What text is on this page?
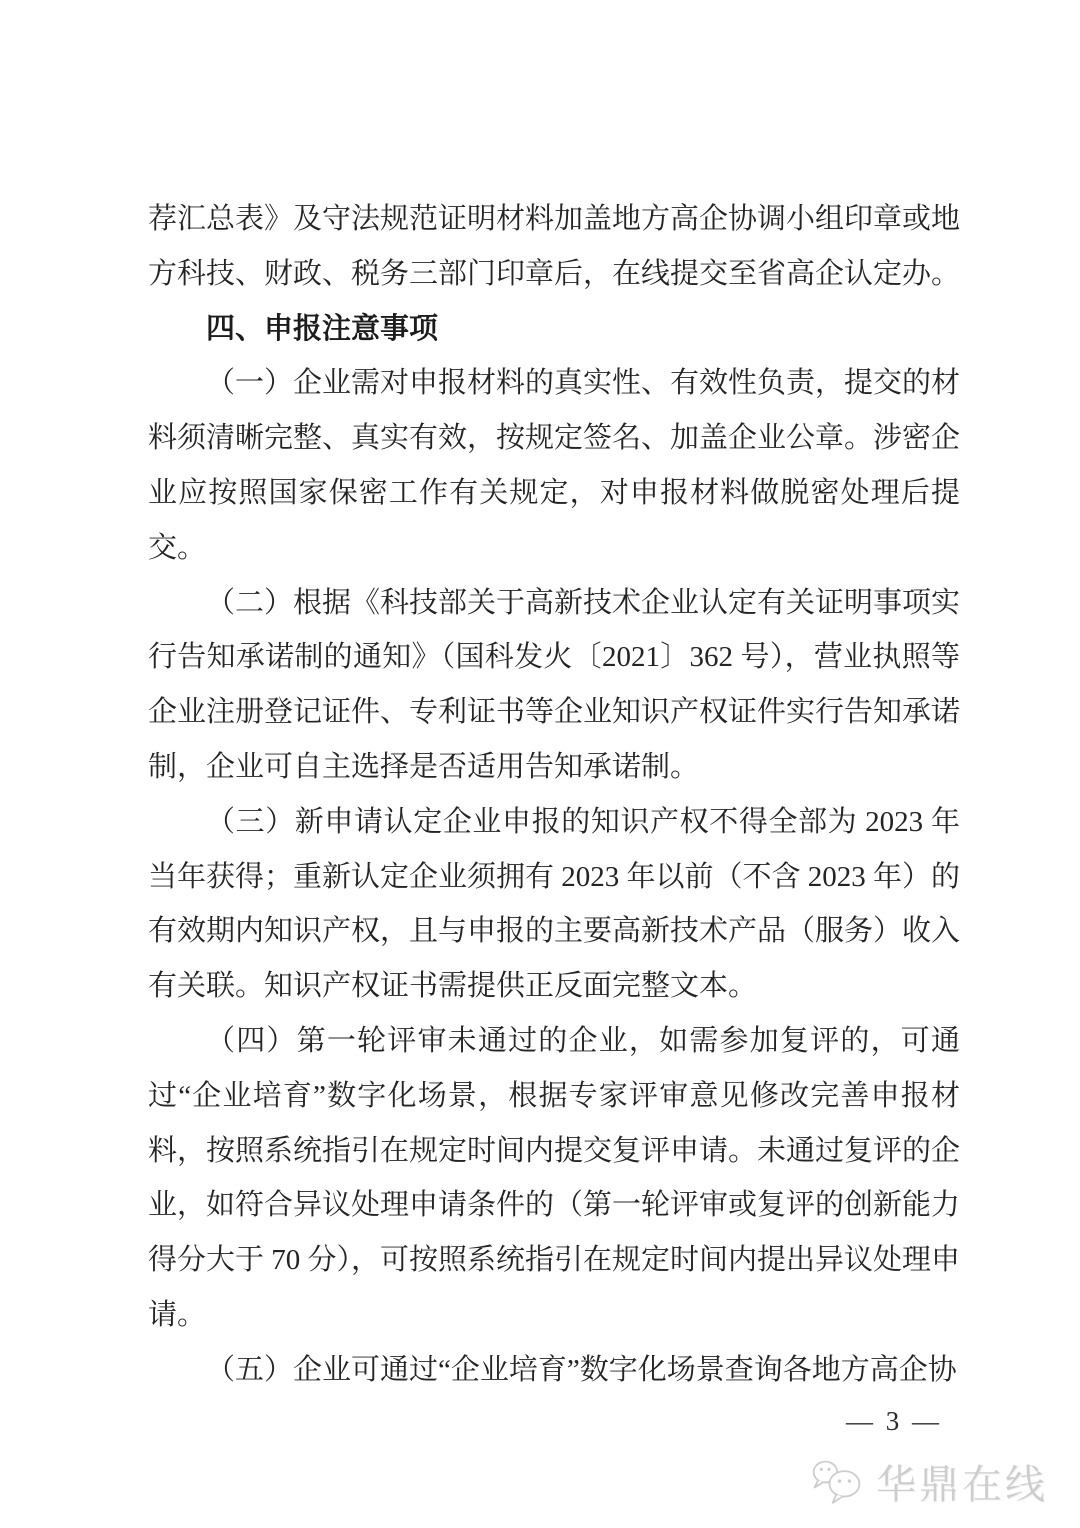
荐汇总表》及守法规范证明材料加盖地方高企协调小组印章或地方科技、财政、税务三部门印章后，在线提交至省高企认定办。

四、申报注意事项

（一）企业需对申报材料的真实性、有效性负责，提交的材料须清晰完整、真实有效，按规定签名、加盖企业公章。涉密企业应按照国家保密工作有关规定，对申报材料做脱密处理后提交。

（二）根据《科技部关于高新技术企业认定有关证明事项实行告知承诺制的通知》（国科发火〔2021〕362 号），营业执照等企业注册登记证件、专利证书等企业知识产权证件实行告知承诺制，企业可自主选择是否适用告知承诺制。

（三）新申请认定企业申报的知识产权不得全部为 2023 年当年获得；重新认定企业须拥有 2023 年以前（不含 2023 年）的有效期内知识产权，且与申报的主要高新技术产品（服务）收入有关联。知识产权证书需提供正反面完整文本。

（四）第一轮评审未通过的企业，如需参加复评的，可通过“企业培育”数字化场景，根据专家评审意见修改完善申报材料，按照系统指引在规定时间内提交复评申请。未通过复评的企业，如符合异议处理申请条件的（第一轮评审或复评的创新能力得分大于 70 分），可按照系统指引在规定时间内提出异议处理申请。

（五）企业可通过“企业培育”数字化场景查询各地方高企协

— 3 —
华鼎在线
